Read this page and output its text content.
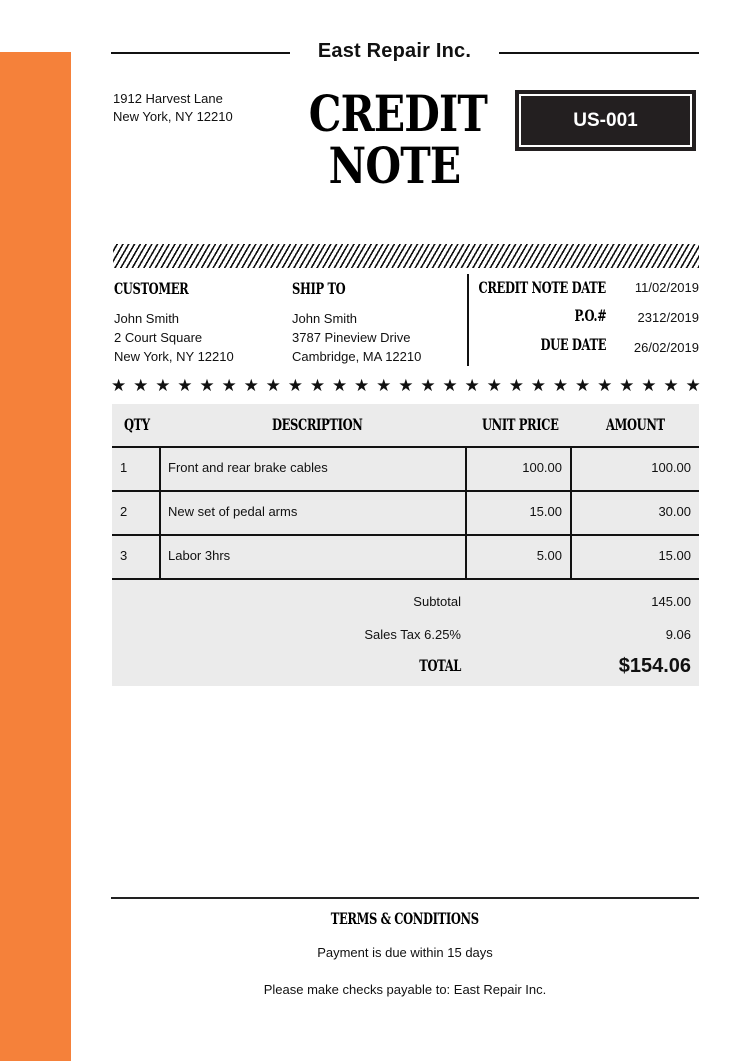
East Repair Inc.
1912 Harvest Lane
New York, NY 12210 CREDIT
NOTE
US-001
CUSTOMER
John Smith
2 Court Square
New York, NY 12210
SHIP TO
John Smith
3787 Pineview Drive
Cambridge, MA 12210
CREDIT NOTE DATE 11/02/2019
P.O.# 2312/2019
DUE DATE 26/02/2019
★ ★ ★ ★ ★ ★ ★ ★ ★ ★ ★ ★ ★ ★ ★ ★ ★ ★ ★ ★ ★ ★ ★ ★ ★ ★ ★
QTY	DESCRIPTION	UNIT PRICE	AMOUNT
1	Front and rear brake cables	100.00	100.00
2	New set of pedal arms	15.00	30.00
3	Labor 3hrs	5.00	15.00
Subtotal	145.00
Sales Tax 6.25%	9.06
TOTAL	$154.06
TERMS & CONDITIONS
Payment is due within 15 days
Please make checks payable to: East Repair Inc.
